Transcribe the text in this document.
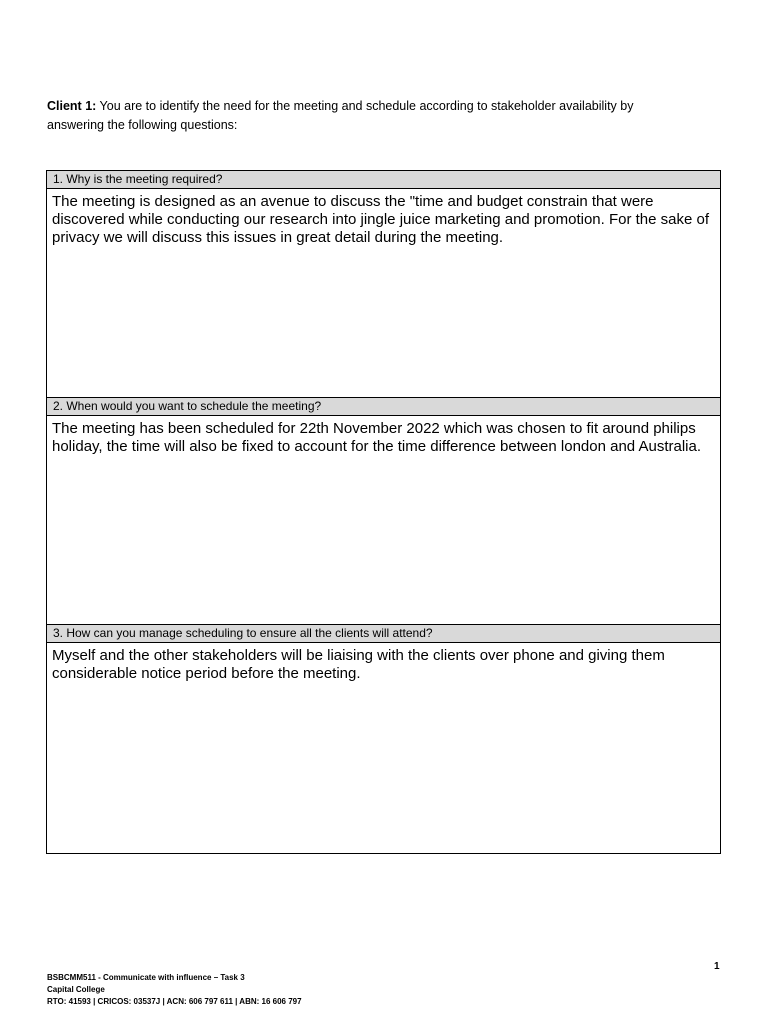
Client 1: You are to identify the need for the meeting and schedule according to stakeholder availability by answering the following questions:
1. Why is the meeting required?
The meeting is designed as an avenue to discuss the "time and budget constrain that were discovered while conducting our research into jingle juice marketing and promotion. For the sake of privacy we will discuss this issues in great detail during the meeting.
2. When would you want to schedule the meeting?
The meeting has been scheduled for 22th November 2022 which was chosen to fit around philips holiday, the time will also be fixed to account for the time difference between london and Australia.
3. How can you manage scheduling to ensure all the clients will attend?
Myself and the other stakeholders will be liaising with the clients over phone and giving them considerable notice period before the meeting.
1
BSBCMM511 - Communicate with influence – Task 3
Capital College
RTO: 41593 | CRICOS: 03537J | ACN: 606 797 611 | ABN: 16 606 797
